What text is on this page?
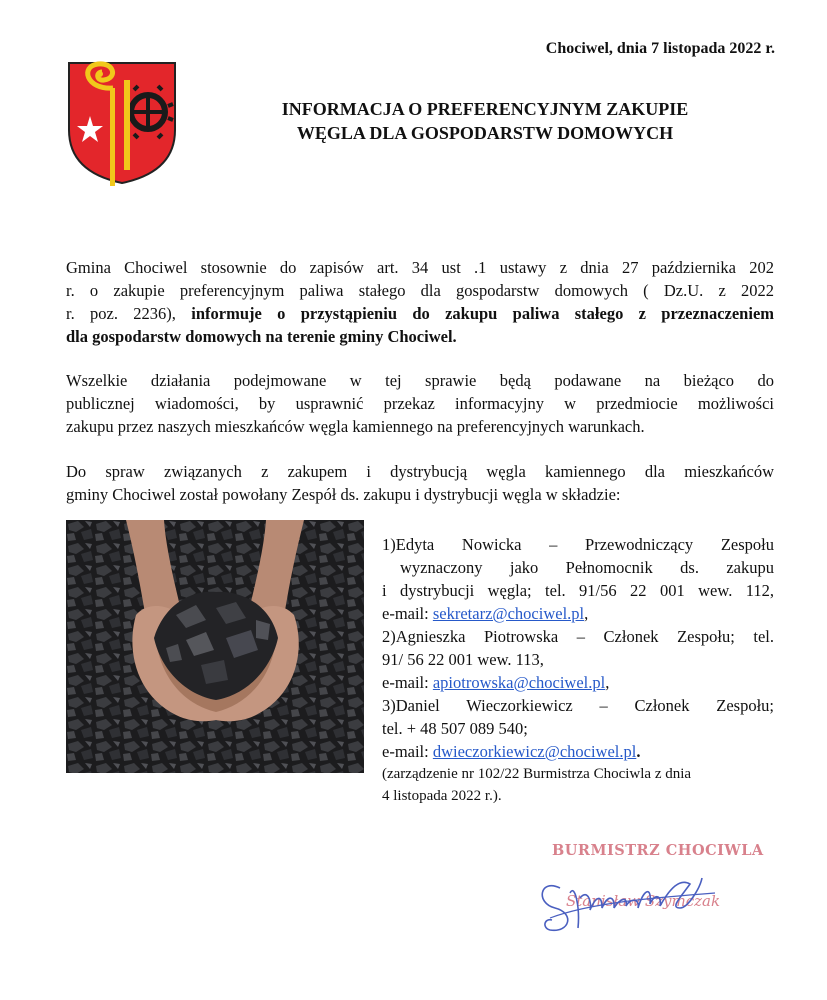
Chociwel, dnia 7 listopada 2022 r.
INFORMACJA O PREFERENCYJNYM ZAKUPIE
WĘGLA DLA GOSPODARSTW DOMOWYCH
Gmina Chociwel stosownie do zapisów art. 34 ust .1 ustawy z dnia 27 października 202
r. o zakupie preferencyjnym paliwa stałego dla gospodarstw domowych ( Dz.U. z 2022
r. poz. 2236), informuje o przystąpieniu do zakupu paliwa stałego z przeznaczeniem
dla gospodarstw domowych na terenie gminy Chociwel.
Wszelkie działania podejmowane w tej sprawie będą podawane na bieżąco do
publicznej wiadomości, by usprawnić przekaz informacyjny w przedmiocie możliwości
zakupu przez naszych mieszkańców węgla kamiennego na preferencyjnych warunkach.
Do spraw związanych z zakupem i dystrybucją węgla kamiennego dla mieszkańców
gminy Chociwel został powołany Zespół ds. zakupu i dystrybucji węgla w składzie:
1)Edyta Nowicka – Przewodniczący Zespołu
wyznaczony jako Pełnomocnik ds. zakupu
i dystrybucji węgla; tel. 91/56 22 001 wew. 112,
e-mail: sekretarz@chociwel.pl,
2)Agnieszka Piotrowska – Członek Zespołu; tel.
91/ 56 22 001 wew. 113,
e-mail: apiotrowska@chociwel.pl,
3)Daniel Wieczorkiewicz – Członek Zespołu;
tel. + 48 507 089 540;
e-mail: dwieczorkiewicz@chociwel.pl.
(zarządzenie nr 102/22 Burmistrza Chociwla z dnia
4 listopada 2022 r.).
BURMISTRZ CHOCIWLA
Stanisław Szymczak
